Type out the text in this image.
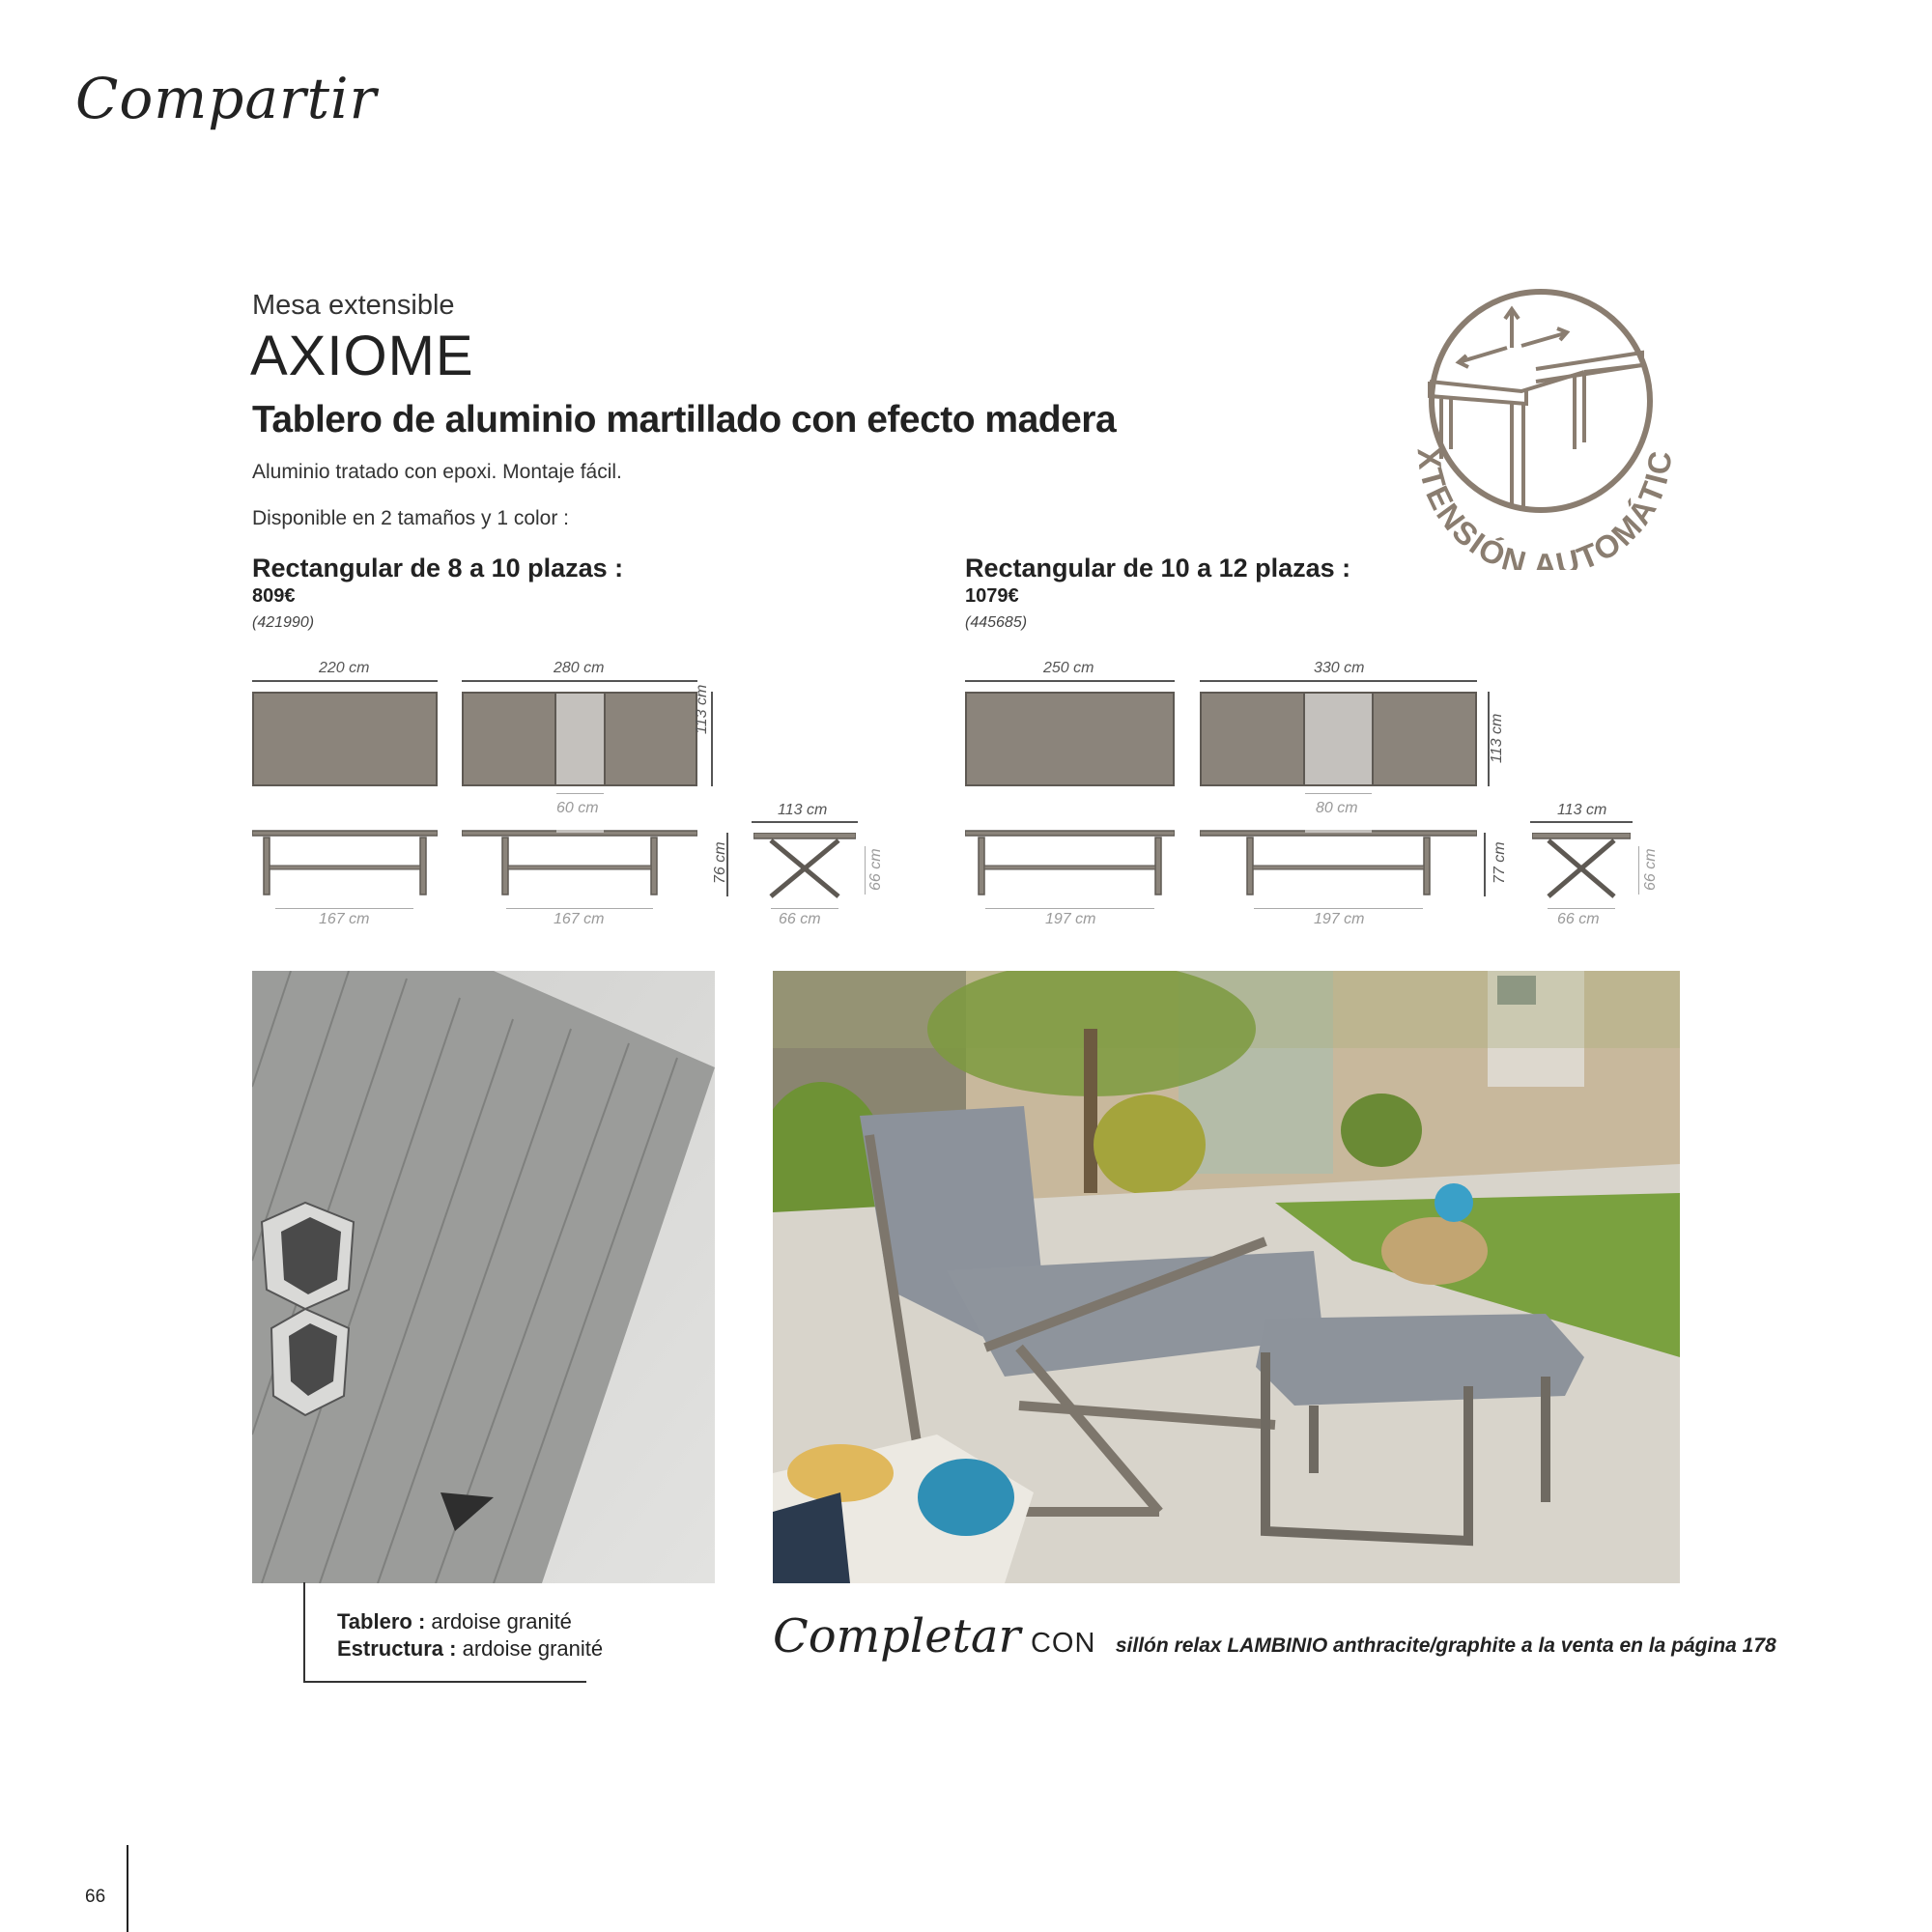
Compartir
Mesa extensible
AXIOME
Tablero de aluminio martillado con efecto madera
Aluminio tratado con epoxi. Montaje fácil.
Disponible en 2 tamaños y 1 color :
XTENSIÓN AUTOMÁTIC
Rectangular de 8 a 10 plazas :
809€
(421990)
Rectangular de 10 a 12 plazas :
1079€
(445685)
220 cm	280 cm
113 cm
60 cm
167 cm	167 cm
76 cm
113 cm
66 cm
66 cm
250 cm	330 cm
113 cm
80 cm
197 cm	197 cm
77 cm
113 cm
66 cm
66 cm
Tablero : ardoise granité
Estructura : ardoise granité	Completar CON sillón relax LAMBINIO anthracite/graphite a la venta en la página 178
66
